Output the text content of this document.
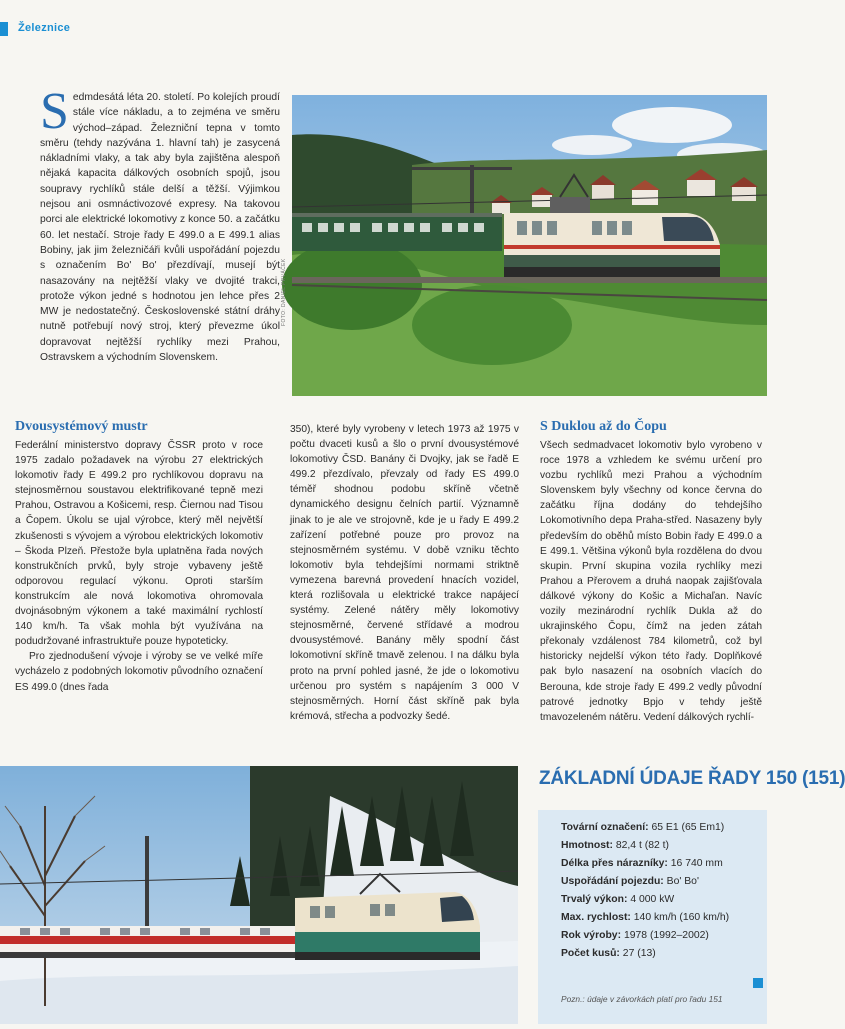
Železnice
Sedmdesátá léta 20. století. Po kolejích proudí stále více nákladu, a to zejména ve směru východ–západ. Železniční tepna v tomto směru (tehdy nazývána 1. hlavní tah) je zasycená nákladními vlaky, a tak aby byla zajištěna alespoň nějaká kapacita dálkových osobních spojů, jsou soupravy rychlíků stále delší a těžší. Výjimkou nejsou ani osmnáctivozové expresy. Na takovou porci ale elektrické lokomotivy z konce 50. a začátku 60. let nestačí. Stroje řady E 499.0 a E 499.1 alias Bobiny, jak jim železničáři kvůli uspořádání pojezdu s označením Bo' Bo' přezdívají, musejí být nasazovány na nejtěžší vlaky ve dvojité trakci, protože výkon jedné s hodnotou jen lehce přes 2 MW je nedostatečný. Československé státní dráhy nutně potřebují nový stroj, který převezme úkol dopravovat nejtěžší rychlíky mezi Prahou, Ostravskem a východním Slovenskem.
FOTO: DANIEL PRVÁČEK
Dvousystémový mustr

Federální ministerstvo dopravy ČSSR proto v roce 1975 zadalo požadavek na výrobu 27 elektrických lokomotiv řady E 499.2 pro rychlíkovou dopravu na stejnosměrnou soustavou elektrifikované tepně mezi Prahou, Ostravou a Košicemi, resp. Čiernou nad Tisou a Čopem. Úkolu se ujal výrobce, který měl největší zkušenosti s vývojem a výrobou elektrických lokomotiv – Škoda Plzeň. Přestože byla uplatněna řada nových konstrukčních prvků, byly stroje vybaveny ještě odporovou regulací výkonu. Oproti starším konstrukcím ale nová lokomotiva ohromovala dvojnásobným výkonem a také maximální rychlostí 140 km/h. Ta však mohla být využívána na podudržované infrastruktuře pouze hypoteticky.

Pro zjednodušení vývoje i výroby se ve velké míře vycházelo z podobných lokomotiv původního označení ES 499.0 (dnes řada

350), které byly vyrobeny v letech 1973 až 1975 v počtu dvaceti kusů a šlo o první dvousystémové lokomotivy ČSD. Banány či Dvojky, jak se řadě E 499.2 přezdívalo, převzaly od řady ES 499.0 téměř shodnou podobu skříně včetně dynamického designu čelních partií. Významně jinak to je ale ve strojovně, kde je u řady E 499.2 zařízení potřebné pouze pro provoz na stejnosměrném systému. V době vzniku těchto lokomotiv byla tehdejšími normami striktně vymezena barevná provedení hnacích vozidel, která rozlišovala u elektrické trakce napájecí systémy. Zelené nátěry měly lokomotivy stejnosměrné, červené střídavé a modrou dvousystémové. Banány měly spodní část lokomotivní skříně tmavě zelenou. I na dálku byla proto na první pohled jasné, že jde o lokomotivu určenou pro systém s napájením 3 000 V stejnosměrných. Horní část skříně pak byla krémová, střecha a podvozky šedé.

S Duklou až do Čopu

Všech sedmadvacet lokomotiv bylo vyrobeno v roce 1978 a vzhledem ke svému určení pro vozbu rychlíků mezi Prahou a východním Slovenskem byly všechny od konce června do začátku října dodány do tehdejšího Lokomotivního depa Praha-střed. Nasazeny byly především do oběhů místo Bobin řady E 499.0 a E 499.1. Většina výkonů byla rozdělena do dvou skupin. První skupina vozila rychlíky mezi Prahou a Přerovem a druhá naopak zajišťovala dálkové výkony do Košic a Michaľan. Navíc vozily mezinárodní rychlík Dukla až do ukrajinského Čopu, čímž na jeden zátah překonaly vzdálenost 784 kilometrů, což byl historicky nejdelší výkon této řady. Doplňkové pak bylo nasazení na osobních vlacích do Berouna, kde stroje řady E 499.2 vedly původní patrové jednotky Bpjo v tehdy ještě tmavozeleném nátěru. Vedení dálkových rychlí-

ZÁKLADNÍ ÚDAJE ŘADY 150 (151)
Tovární označení: 65 E1 (65 Em1)
Hmotnost: 82,4 t (82 t)
Délka přes nárazníky: 16 740 mm
Uspořádání pojezdu: Bo' Bo'
Trvalý výkon: 4 000 kW
Max. rychlost: 140 km/h (160 km/h)
Rok výroby: 1978 (1992–2002)
Počet kusů: 27 (13)
Pozn.: údaje v závorkách platí pro řadu 151
